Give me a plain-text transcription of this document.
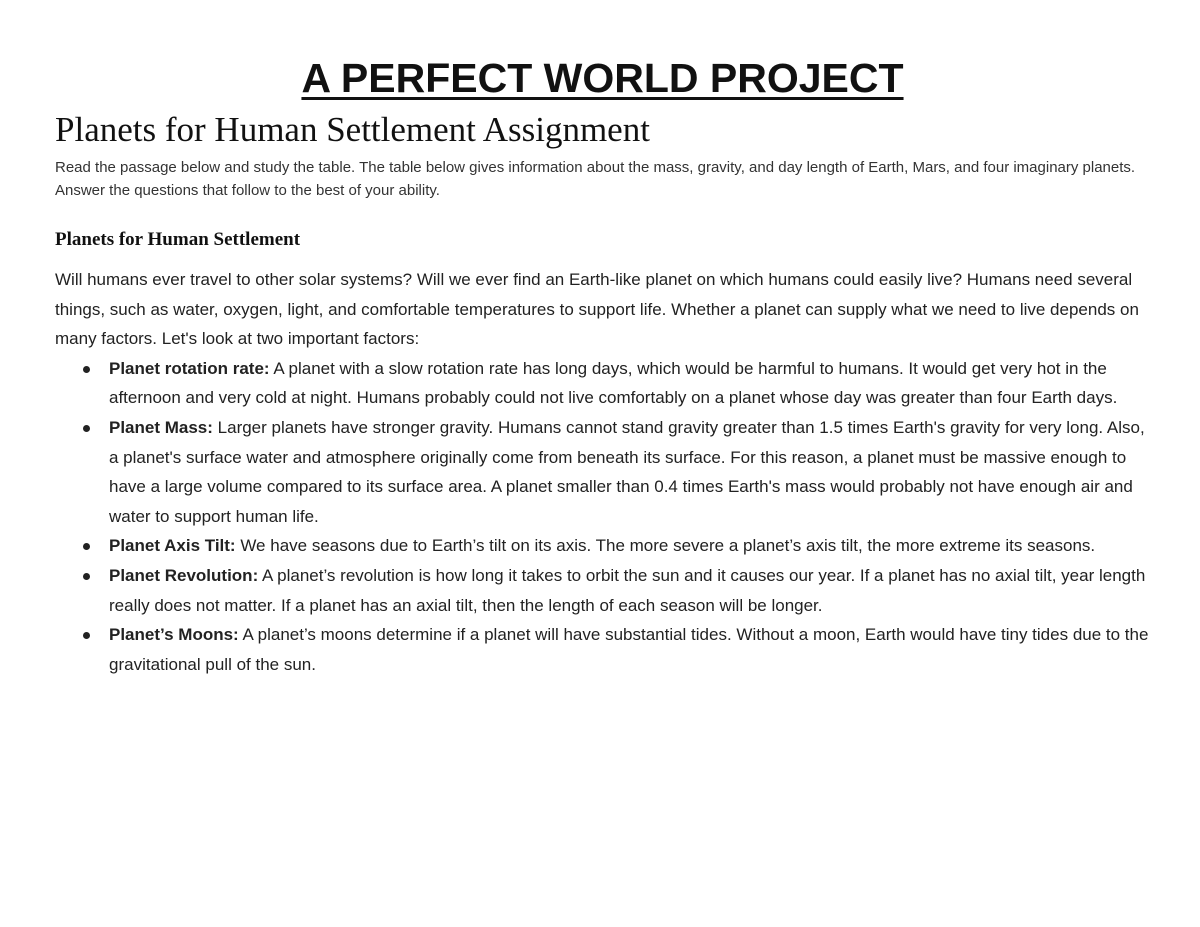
A PERFECT WORLD PROJECT
Planets for Human Settlement Assignment

Read the passage below and study the table. The table below gives information about the mass, gravity, and day length of Earth, Mars, and four imaginary planets. Answer the questions that follow to the best of your ability.

Planets for Human Settlement

Will humans ever travel to other solar systems? Will we ever find an Earth-like planet on which humans could easily live? Humans need several things, such as water, oxygen, light, and comfortable temperatures to support life. Whether a planet can supply what we need to live depends on many factors. Let's look at two important factors:

Planet rotation rate: A planet with a slow rotation rate has long days, which would be harmful to humans. It would get very hot in the afternoon and very cold at night. Humans probably could not live comfortably on a planet whose day was greater than four Earth days.
Planet Mass: Larger planets have stronger gravity. Humans cannot stand gravity greater than 1.5 times Earth's gravity for very long. Also, a planet's surface water and atmosphere originally come from beneath its surface. For this reason, a planet must be massive enough to have a large volume compared to its surface area. A planet smaller than 0.4 times Earth's mass would probably not have enough air and water to support human life.
Planet Axis Tilt: We have seasons due to Earth’s tilt on its axis. The more severe a planet’s axis tilt, the more extreme its seasons.
Planet Revolution: A planet’s revolution is how long it takes to orbit the sun and it causes our year. If a planet has no axial tilt, year length really does not matter. If a planet has an axial tilt, then the length of each season will be longer.
Planet’s Moons: A planet’s moons determine if a planet will have substantial tides. Without a moon, Earth would have tiny tides due to the gravitational pull of the sun.
